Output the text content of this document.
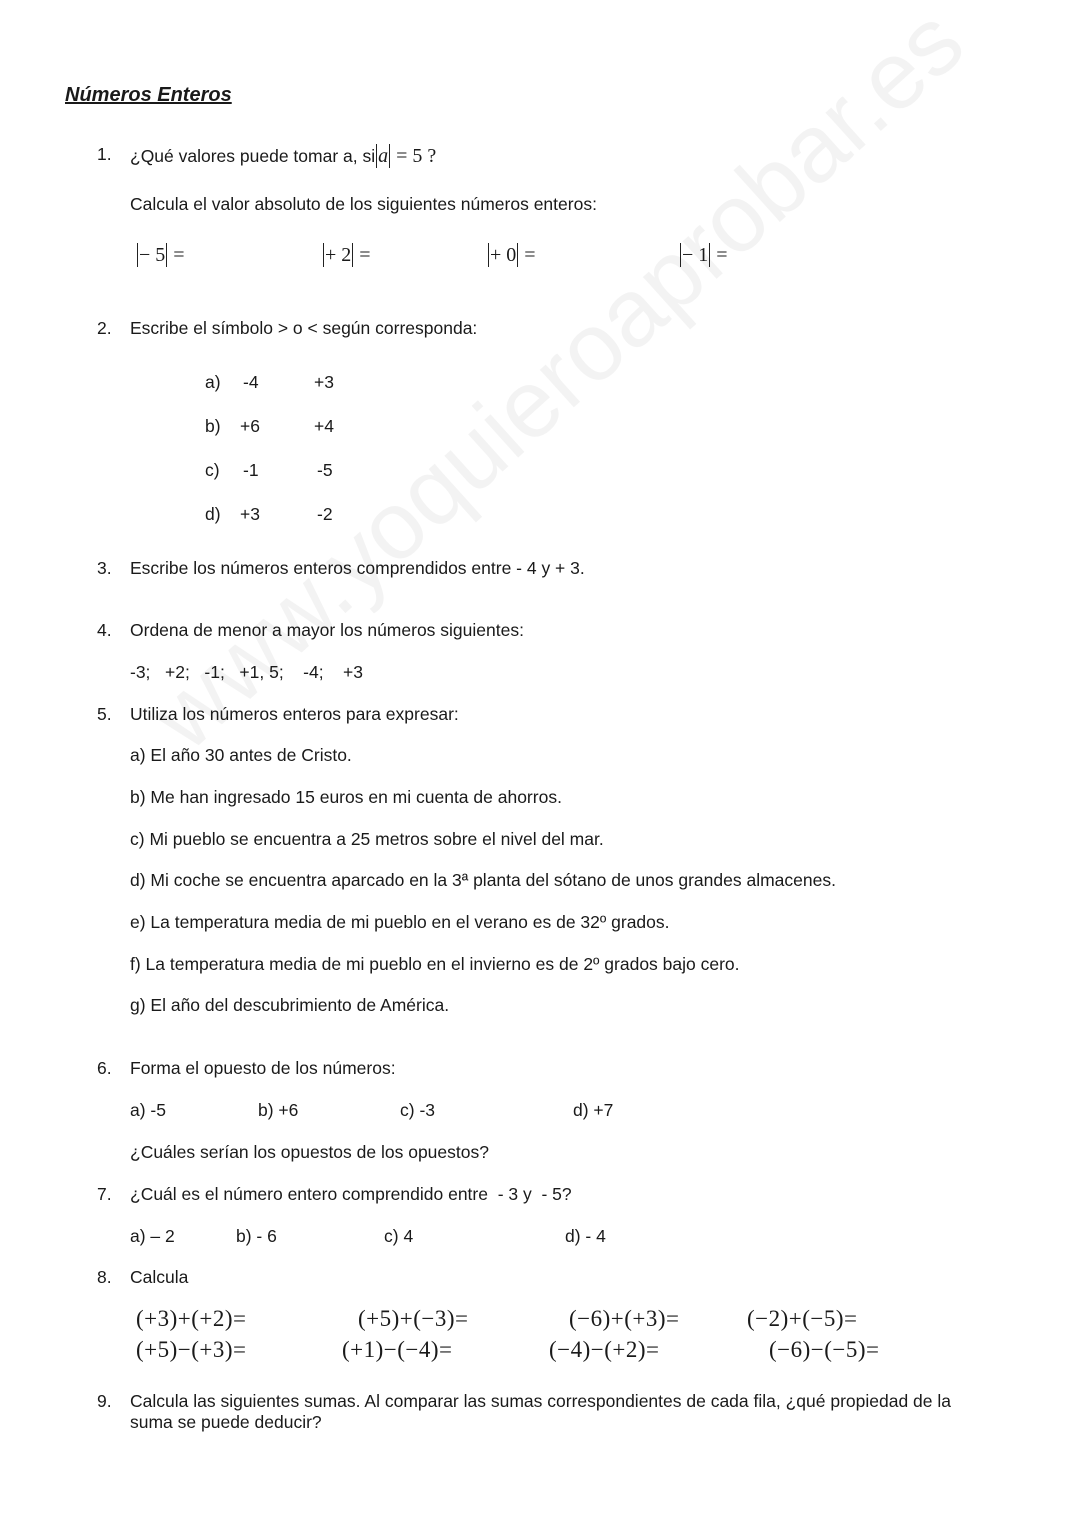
Números Enteros
1. ¿Qué valores puede tomar a, si a = 5 ?
Calcula el valor absoluto de los siguientes números enteros:
− 5 =	+ 2 =	+ 0 =	− 1 =
2. Escribe el símbolo > o < según corresponda:
a) -4	+3
b) +6	+4
c) -1	-5
d) +3	-2
3. Escribe los números enteros comprendidos entre - 4 y + 3.
4. Ordena de menor a mayor los números siguientes:
-3;   +2;   -1;   +1, 5;    -4;    +3
5. Utiliza los números enteros para expresar:
a) El año 30 antes de Cristo.
b) Me han ingresado 15 euros en mi cuenta de ahorros.
c) Mi pueblo se encuentra a 25 metros sobre el nivel del mar.
d) Mi coche se encuentra aparcado en la 3ª planta del sótano de unos grandes almacenes.
e) La temperatura media de mi pueblo en el verano es de 32º grados.
f) La temperatura media de mi pueblo en el invierno es de 2º grados bajo cero.
g) El año del descubrimiento de América.
6. Forma el opuesto de los números:
a) -5	b) +6	c) -3	d) +7
¿Cuáles serían los opuestos de los opuestos?
7. ¿Cuál es el número entero comprendido entre  - 3 y  - 5?
a) – 2	b) - 6	c) 4	d) - 4
8. Calcula
(+3)+(+2)=	(+5)+(−3)=	(−6)+(+3)=	(−2)+(−5)=
(+5)−(+3)=	(+1)−(−4)=	(−4)−(+2)=	(−6)−(−5)=
9. Calcula las siguientes sumas. Al comparar las sumas correspondientes de cada fila, ¿qué propiedad de la
suma se puede deducir?
